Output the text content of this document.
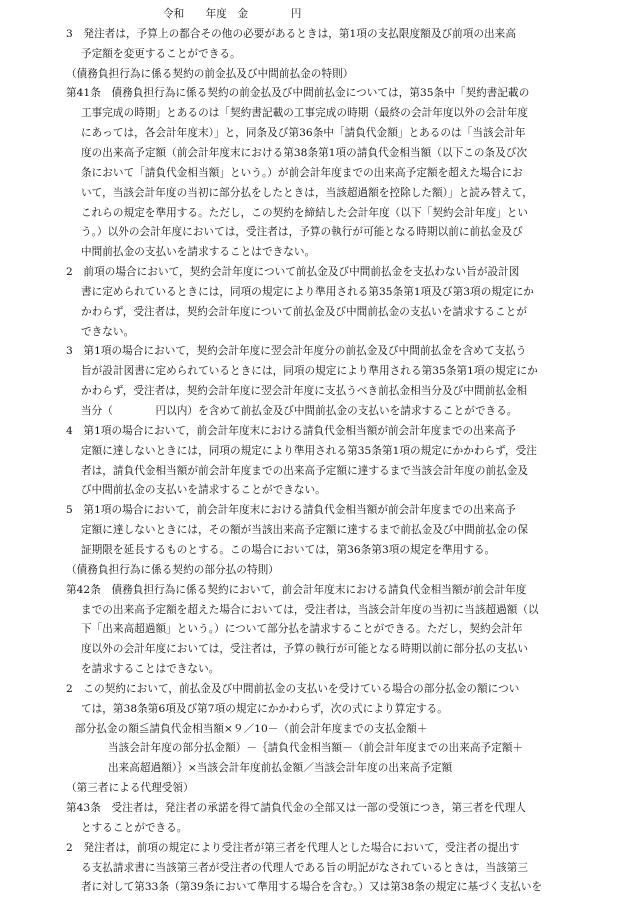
令和　　年度　金　　　　円
3　発注者は，予算上の都合その他の必要があるときは，第1項の支払限度額及び前項の出来高
予定額を変更することができる。
（債務負担行為に係る契約の前金払及び中間前払金の特則）
第41条　債務負担行為に係る契約の前金払及び中間前払金については，第35条中「契約書記載の
工事完成の時期」とあるのは「契約書記載の工事完成の時期（最終の会計年度以外の会計年度
にあっては，各会計年度末）」と，同条及び第36条中「請負代金額」とあるのは「当該会計年
度の出来高予定額（前会計年度末における第38条第1項の請負代金相当額（以下この条及び次
条において「請負代金相当額」という。）が前会計年度までの出来高予定額を超えた場合にお
いて，当該会計年度の当初に部分払をしたときは，当該超過額を控除した額）」と読み替えて，
これらの規定を準用する。ただし，この契約を締結した会計年度（以下「契約会計年度」とい
う。）以外の会計年度においては，受注者は，予算の執行が可能となる時期以前に前払金及び
中間前払金の支払いを請求することはできない。
2　前項の場合において，契約会計年度について前払金及び中間前払金を支払わない旨が設計図
書に定められているときには，同項の規定により準用される第35条第1項及び第3項の規定にか
かわらず，受注者は，契約会計年度について前払金及び中間前払金の支払いを請求することが
できない。
3　第1項の場合において，契約会計年度に翌会計年度分の前払金及び中間前払金を含めて支払う
旨が設計図書に定められているときには，同項の規定により準用される第35条第1項の規定にか
かわらず，受注者は，契約会計年度に翌会計年度に支払うべき前払金相当分及び中間前払金相
当分（　　　　円以内）を含めて前払金及び中間前払金の支払いを請求することができる。
4　第1項の場合において，前会計年度末における請負代金相当額が前会計年度までの出来高予
定額に達しないときには，同項の規定により準用される第35条第1項の規定にかかわらず，受注
者は，請負代金相当額が前会計年度までの出来高予定額に達するまで当該会計年度の前払金及
び中間前払金の支払いを請求することができない。
5　第1項の場合において，前会計年度末における請負代金相当額が前会計年度までの出来高予
定額に達しないときには，その額が当該出来高予定額に達するまで前払金及び中間前払金の保
証期限を延長するものとする。この場合においては，第36条第3項の規定を準用する。
（債務負担行為に係る契約の部分払の特則）
第42条　債務負担行為に係る契約において，前会計年度末における請負代金相当額が前会計年度
までの出来高予定額を超えた場合においては，受注者は，当該会計年度の当初に当該超過額（以
下「出来高超過額」という。）について部分払を請求することができる。ただし，契約会計年
度以外の会計年度においては，受注者は，予算の執行が可能となる時期以前に部分払の支払い
を請求することはできない。
2　この契約において，前払金及び中間前払金の支払いを受けている場合の部分払金の額につい
ては，第38条第6項及び第7項の規定にかかわらず，次の式により算定する。
部分払金の額≦請負代金相当額×９／10－（前会計年度までの支払金額＋
当該会計年度の部分払金額）－｛請負代金相当額－（前会計年度までの出来高予定額＋
出来高超過額）｝×当該会計年度前払金額／当該会計年度の出来高予定額
（第三者による代理受領）
第43条　受注者は，発注者の承諾を得て請負代金の全部又は一部の受領につき，第三者を代理人
とすることができる。
2　発注者は，前項の規定により受注者が第三者を代理人とした場合において，受注者の提出す
る支払請求書に当該第三者が受注者の代理人である旨の明記がなされているときは，当該第三
者に対して第33条（第39条において準用する場合を含む。）又は第38条の規定に基づく支払いを
